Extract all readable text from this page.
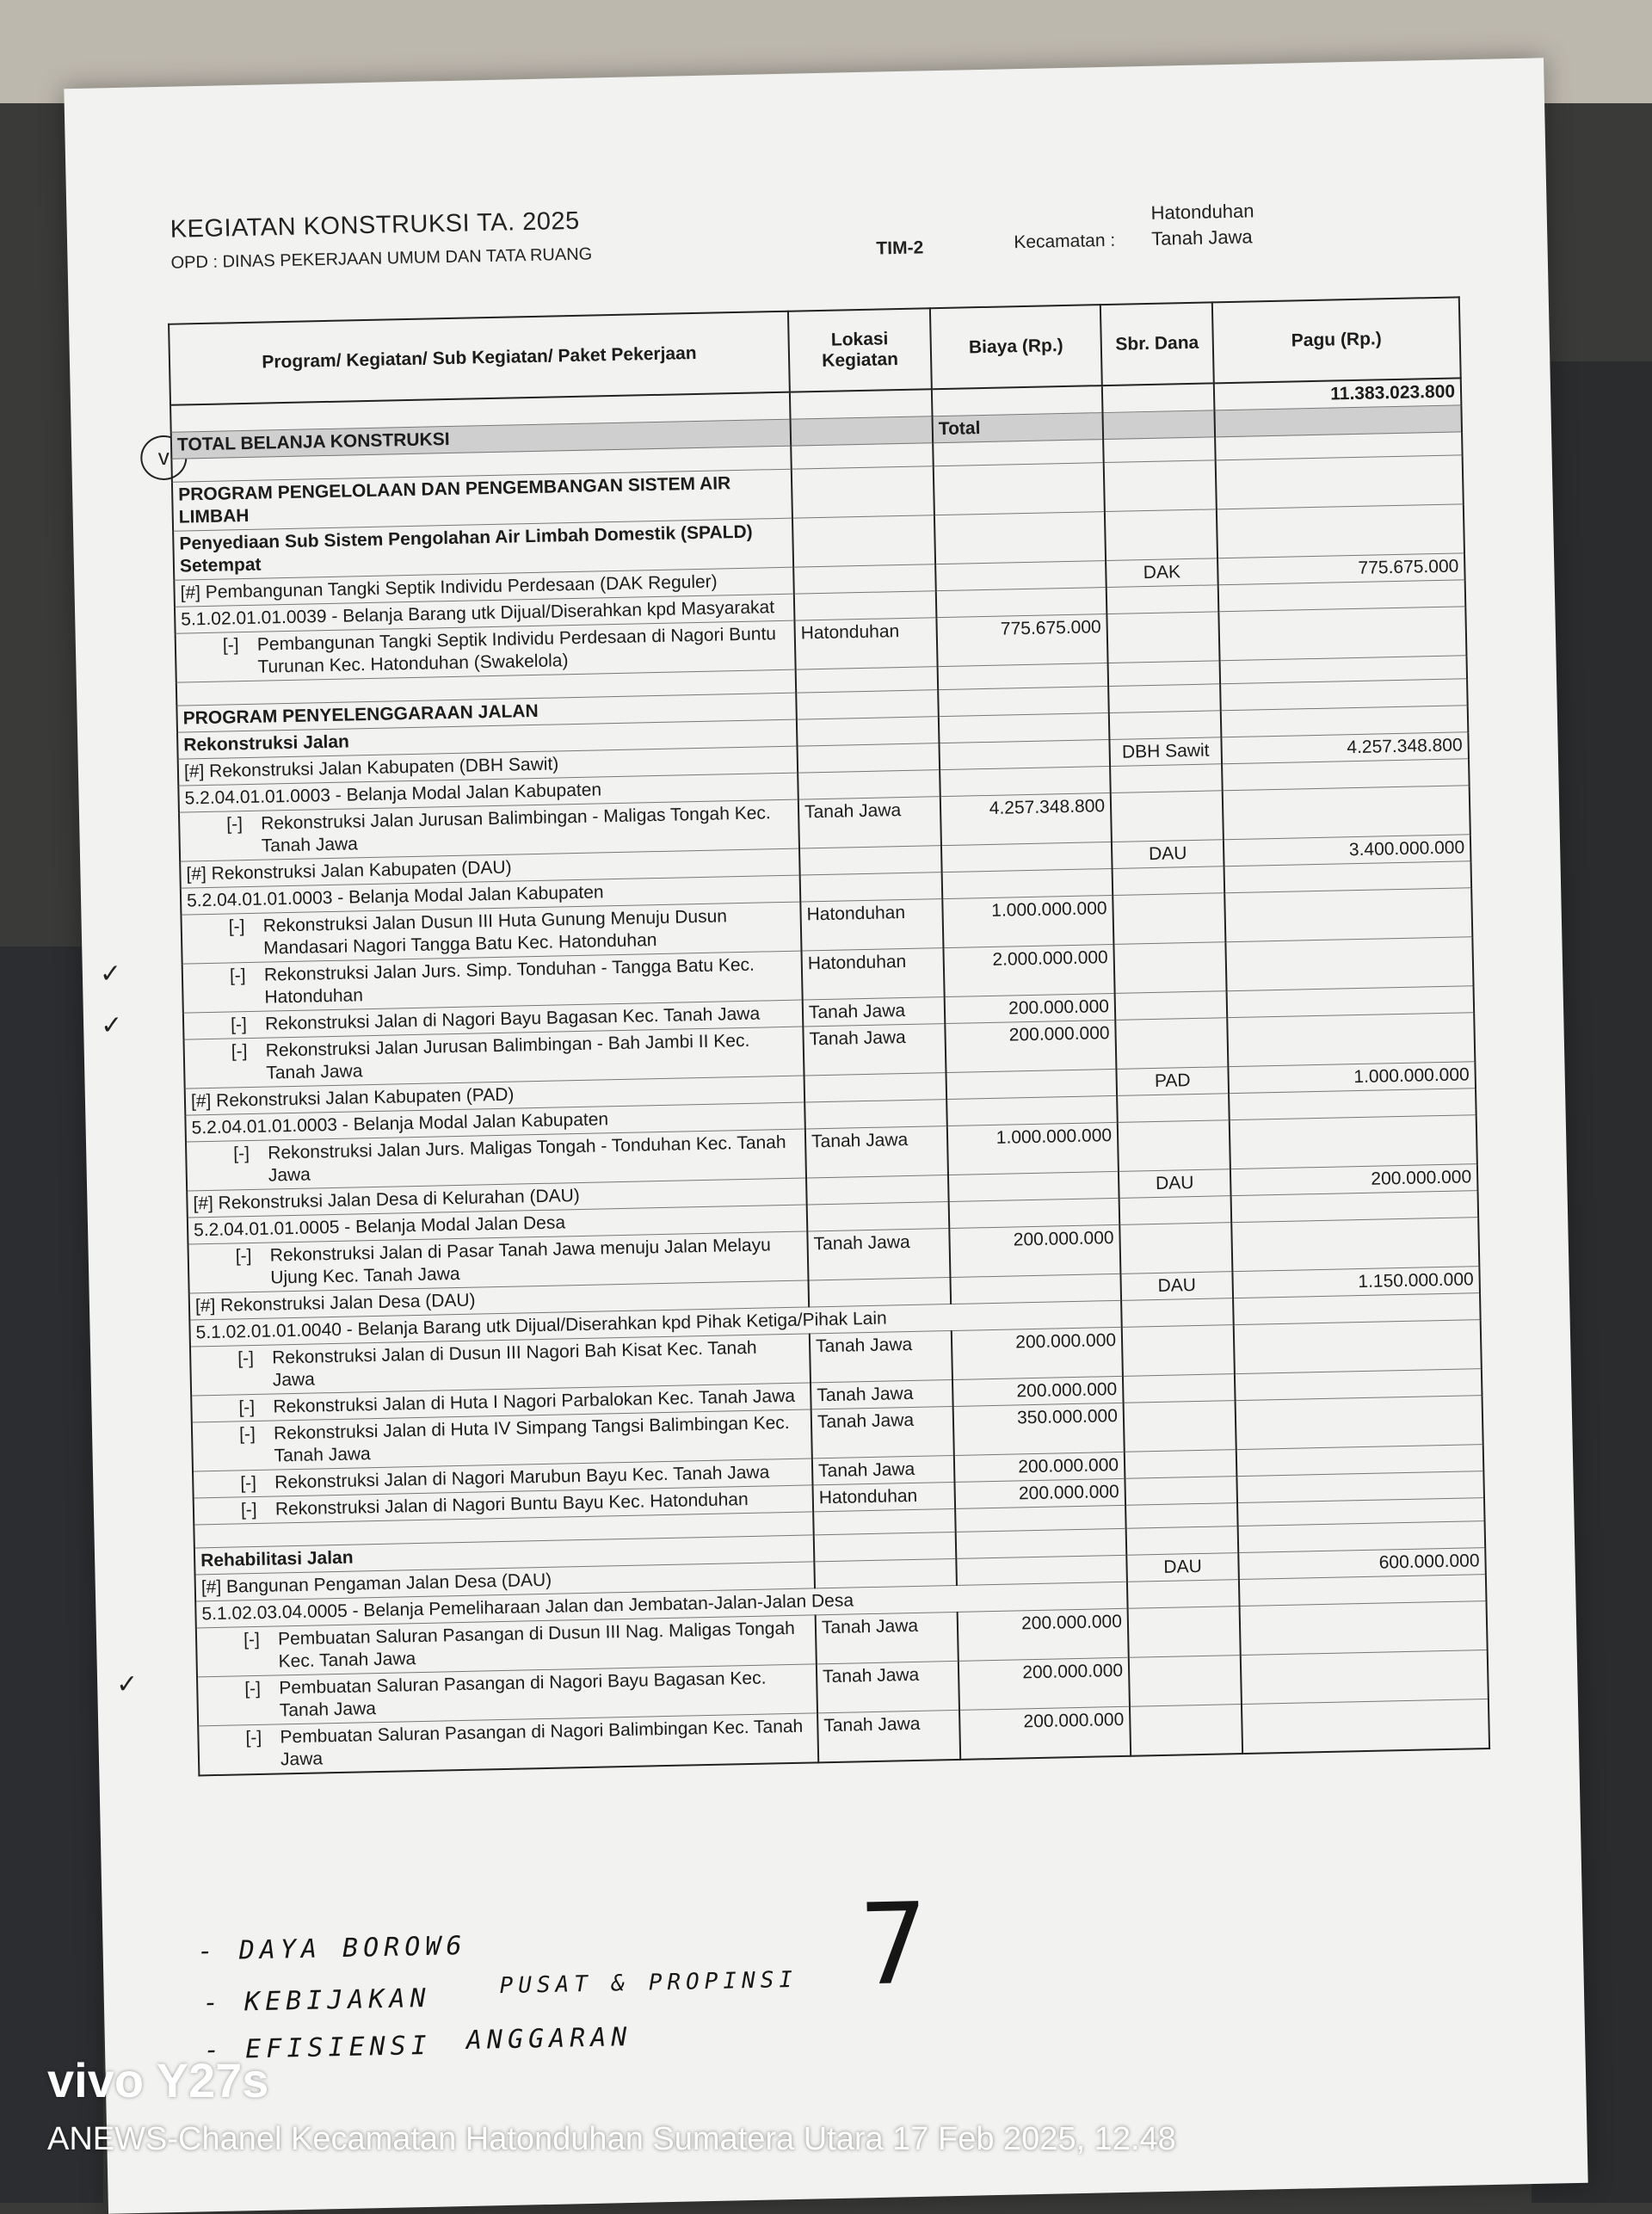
KEGIATAN KONSTRUKSI TA. 2025
OPD : DINAS PEKERJAAN UMUM DAN TATA RUANG	TIM-2	Kecamatan :
Hatonduhan
Tanah Jawa
v
✓
✓
✓
Program/ Kegiatan/ Sub Kegiatan/ Paket Pekerjaan	Lokasi Kegiatan	Biaya (Rp.)	Sbr. Dana	Pagu (Rp.)
				11.383.023.800
TOTAL BELANJA KONSTRUKSI		Total		

PROGRAM PENGELOLAAN DAN PENGEMBANGAN SISTEM AIR LIMBAH				
Penyediaan Sub Sistem Pengolahan Air Limbah Domestik (SPALD) Setempat				
[#] Pembangunan Tangki Septik Individu Perdesaan (DAK Reguler)			DAK	775.675.000
5.1.02.01.01.0039 - Belanja Barang utk Dijual/Diserahkan kpd Masyarakat				

[-] Pembangunan Tangki Septik Individu Perdesaan di Nagori Buntu Turunan Kec. Hatonduhan (Swakelola)	Hatonduhan	775.675.000		

PROGRAM PENYELENGGARAAN JALAN				
Rekonstruksi Jalan				
[#] Rekonstruksi Jalan Kabupaten (DBH Sawit)			DBH Sawit	4.257.348.800
5.2.04.01.01.0003 - Belanja Modal Jalan Kabupaten				

[-] Rekonstruksi Jalan Jurusan Balimbingan - Maligas Tongah Kec. Tanah Jawa	Tanah Jawa	4.257.348.800		
[#] Rekonstruksi Jalan Kabupaten (DAU)			DAU	3.400.000.000
5.2.04.01.01.0003 - Belanja Modal Jalan Kabupaten				

[-] Rekonstruksi Jalan Dusun III Huta Gunung Menuju Dusun Mandasari Nagori Tangga Batu Kec. Hatonduhan	Hatonduhan	1.000.000.000		

[-] Rekonstruksi Jalan Jurs. Simp. Tonduhan - Tangga Batu Kec. Hatonduhan	Hatonduhan	2.000.000.000		

[-] Rekonstruksi Jalan di Nagori Bayu Bagasan Kec. Tanah Jawa	Tanah Jawa	200.000.000		

[-] Rekonstruksi Jalan Jurusan Balimbingan - Bah Jambi II Kec. Tanah Jawa	Tanah Jawa	200.000.000		
[#] Rekonstruksi Jalan Kabupaten (PAD)			PAD	1.000.000.000
5.2.04.01.01.0003 - Belanja Modal Jalan Kabupaten				

[-] Rekonstruksi Jalan Jurs. Maligas Tongah - Tonduhan Kec. Tanah Jawa	Tanah Jawa	1.000.000.000		
[#] Rekonstruksi Jalan Desa di Kelurahan (DAU)			DAU	200.000.000
5.2.04.01.01.0005 - Belanja Modal Jalan Desa				

[-] Rekonstruksi Jalan di Pasar Tanah Jawa menuju Jalan Melayu Ujung Kec. Tanah Jawa	Tanah Jawa	200.000.000		
[#] Rekonstruksi Jalan Desa (DAU)			DAU	1.150.000.000
5.1.02.01.01.0040 - Belanja Barang utk Dijual/Diserahkan kpd Pihak Ketiga/Pihak Lain				

[-] Rekonstruksi Jalan di Dusun III Nagori Bah Kisat Kec. Tanah Jawa	Tanah Jawa	200.000.000		

[-] Rekonstruksi Jalan di Huta I Nagori Parbalokan Kec. Tanah Jawa	Tanah Jawa	200.000.000		

[-] Rekonstruksi Jalan di Huta IV Simpang Tangsi Balimbingan Kec. Tanah Jawa	Tanah Jawa	350.000.000		

[-] Rekonstruksi Jalan di Nagori Marubun Bayu Kec. Tanah Jawa	Tanah Jawa	200.000.000		

[-] Rekonstruksi Jalan di Nagori Buntu Bayu Kec. Hatonduhan	Hatonduhan	200.000.000		

Rehabilitasi Jalan				
[#] Bangunan Pengaman Jalan Desa (DAU)			DAU	600.000.000
5.1.02.03.04.0005 - Belanja Pemeliharaan Jalan dan Jembatan-Jalan-Jalan Desa				

[-] Pembuatan Saluran Pasangan di Dusun III Nag. Maligas Tongah Kec. Tanah Jawa	Tanah Jawa	200.000.000		

[-] Pembuatan Saluran Pasangan di Nagori Bayu Bagasan Kec. Tanah Jawa	Tanah Jawa	200.000.000		

[-] Pembuatan Saluran Pasangan di Nagori Balimbingan Kec. Tanah Jawa	Tanah Jawa	200.000.000		
- DAYA BOROW6
- KEBIJAKAN
PUSAT & PROPINSI
- EFISIENSI ANGGARAN
7
vivo Y27s
ANEWS-Chanel Kecamatan Hatonduhan Sumatera Utara 17 Feb 2025, 12.48
